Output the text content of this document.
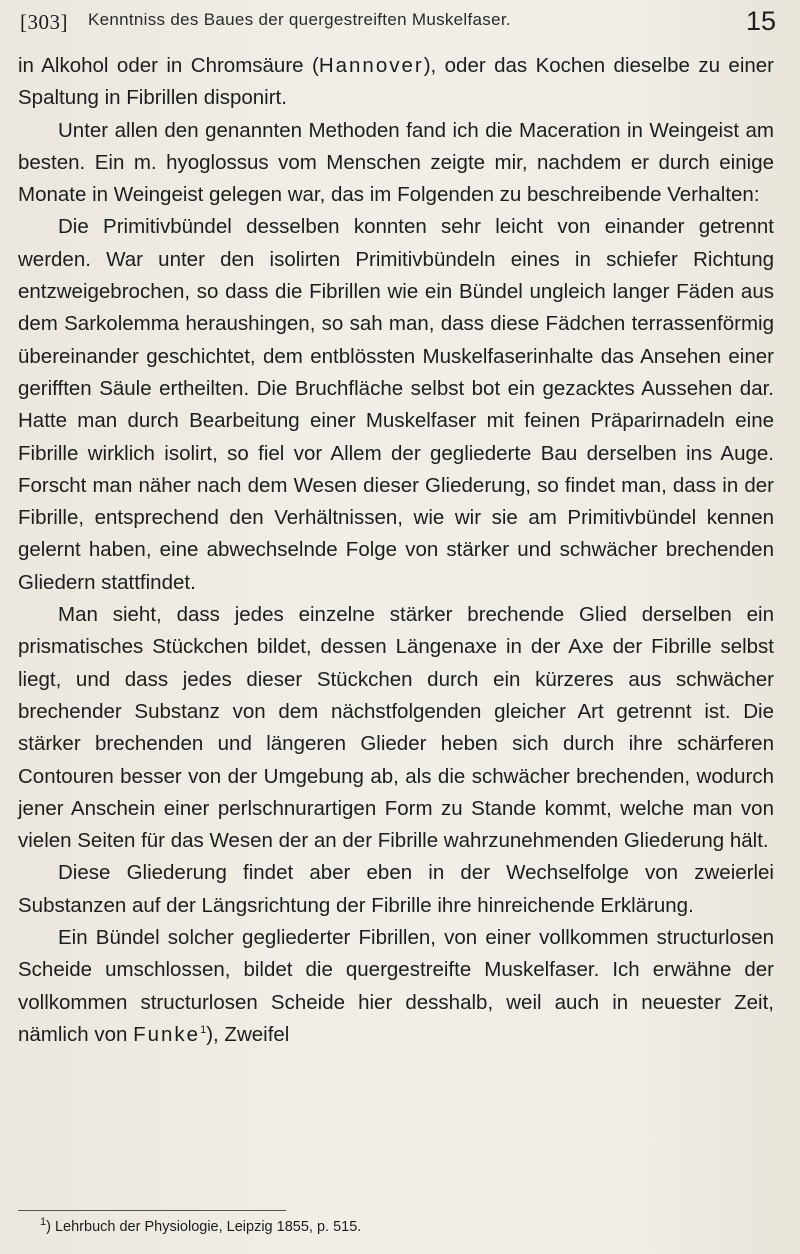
[303] Kenntniss des Baues der quergestreiften Muskelfaser.	15

in Alkohol oder in Chromsäure (Hannover), oder das Kochen dieselbe zu einer Spaltung in Fibrillen disponirt.

Unter allen den genannten Methoden fand ich die Maceration in Weingeist am besten. Ein m. hyoglossus vom Menschen zeigte mir, nachdem er durch einige Monate in Weingeist gelegen war, das im Folgenden zu beschreibende Verhalten:

Die Primitivbündel desselben konnten sehr leicht von einander getrennt werden. War unter den isolirten Primitivbündeln eines in schiefer Richtung entzweigebrochen, so dass die Fibrillen wie ein Bündel ungleich langer Fäden aus dem Sarkolemma heraushingen, so sah man, dass diese Fädchen terrassenförmig übereinander geschichtet, dem entblössten Muskelfaserinhalte das Ansehen einer gerifften Säule ertheilten. Die Bruchfläche selbst bot ein gezacktes Aussehen dar. Hatte man durch Bearbeitung einer Muskelfaser mit feinen Präparirnadeln eine Fibrille wirklich isolirt, so fiel vor Allem der gegliederte Bau derselben ins Auge. Forscht man näher nach dem Wesen dieser Gliederung, so findet man, dass in der Fibrille, entsprechend den Verhältnissen, wie wir sie am Primitivbündel kennen gelernt haben, eine abwechselnde Folge von stärker und schwächer brechenden Gliedern stattfindet.

Man sieht, dass jedes einzelne stärker brechende Glied derselben ein prismatisches Stückchen bildet, dessen Längenaxe in der Axe der Fibrille selbst liegt, und dass jedes dieser Stückchen durch ein kürzeres aus schwächer brechender Substanz von dem nächstfolgenden gleicher Art getrennt ist. Die stärker brechenden und längeren Glieder heben sich durch ihre schärferen Contouren besser von der Umgebung ab, als die schwächer brechenden, wodurch jener Anschein einer perlschnurartigen Form zu Stande kommt, welche man von vielen Seiten für das Wesen der an der Fibrille wahrzunehmenden Gliederung hält.

Diese Gliederung findet aber eben in der Wechselfolge von zweierlei Substanzen auf der Längsrichtung der Fibrille ihre hinreichende Erklärung.

Ein Bündel solcher gegliederter Fibrillen, von einer vollkommen structurlosen Scheide umschlossen, bildet die quergestreifte Muskelfaser. Ich erwähne der vollkommen structurlosen Scheide hier desshalb, weil auch in neuester Zeit, nämlich von Funke$^1$), Zweifel

$^1$) Lehrbuch der Physiologie, Leipzig 1855, p. 515.
